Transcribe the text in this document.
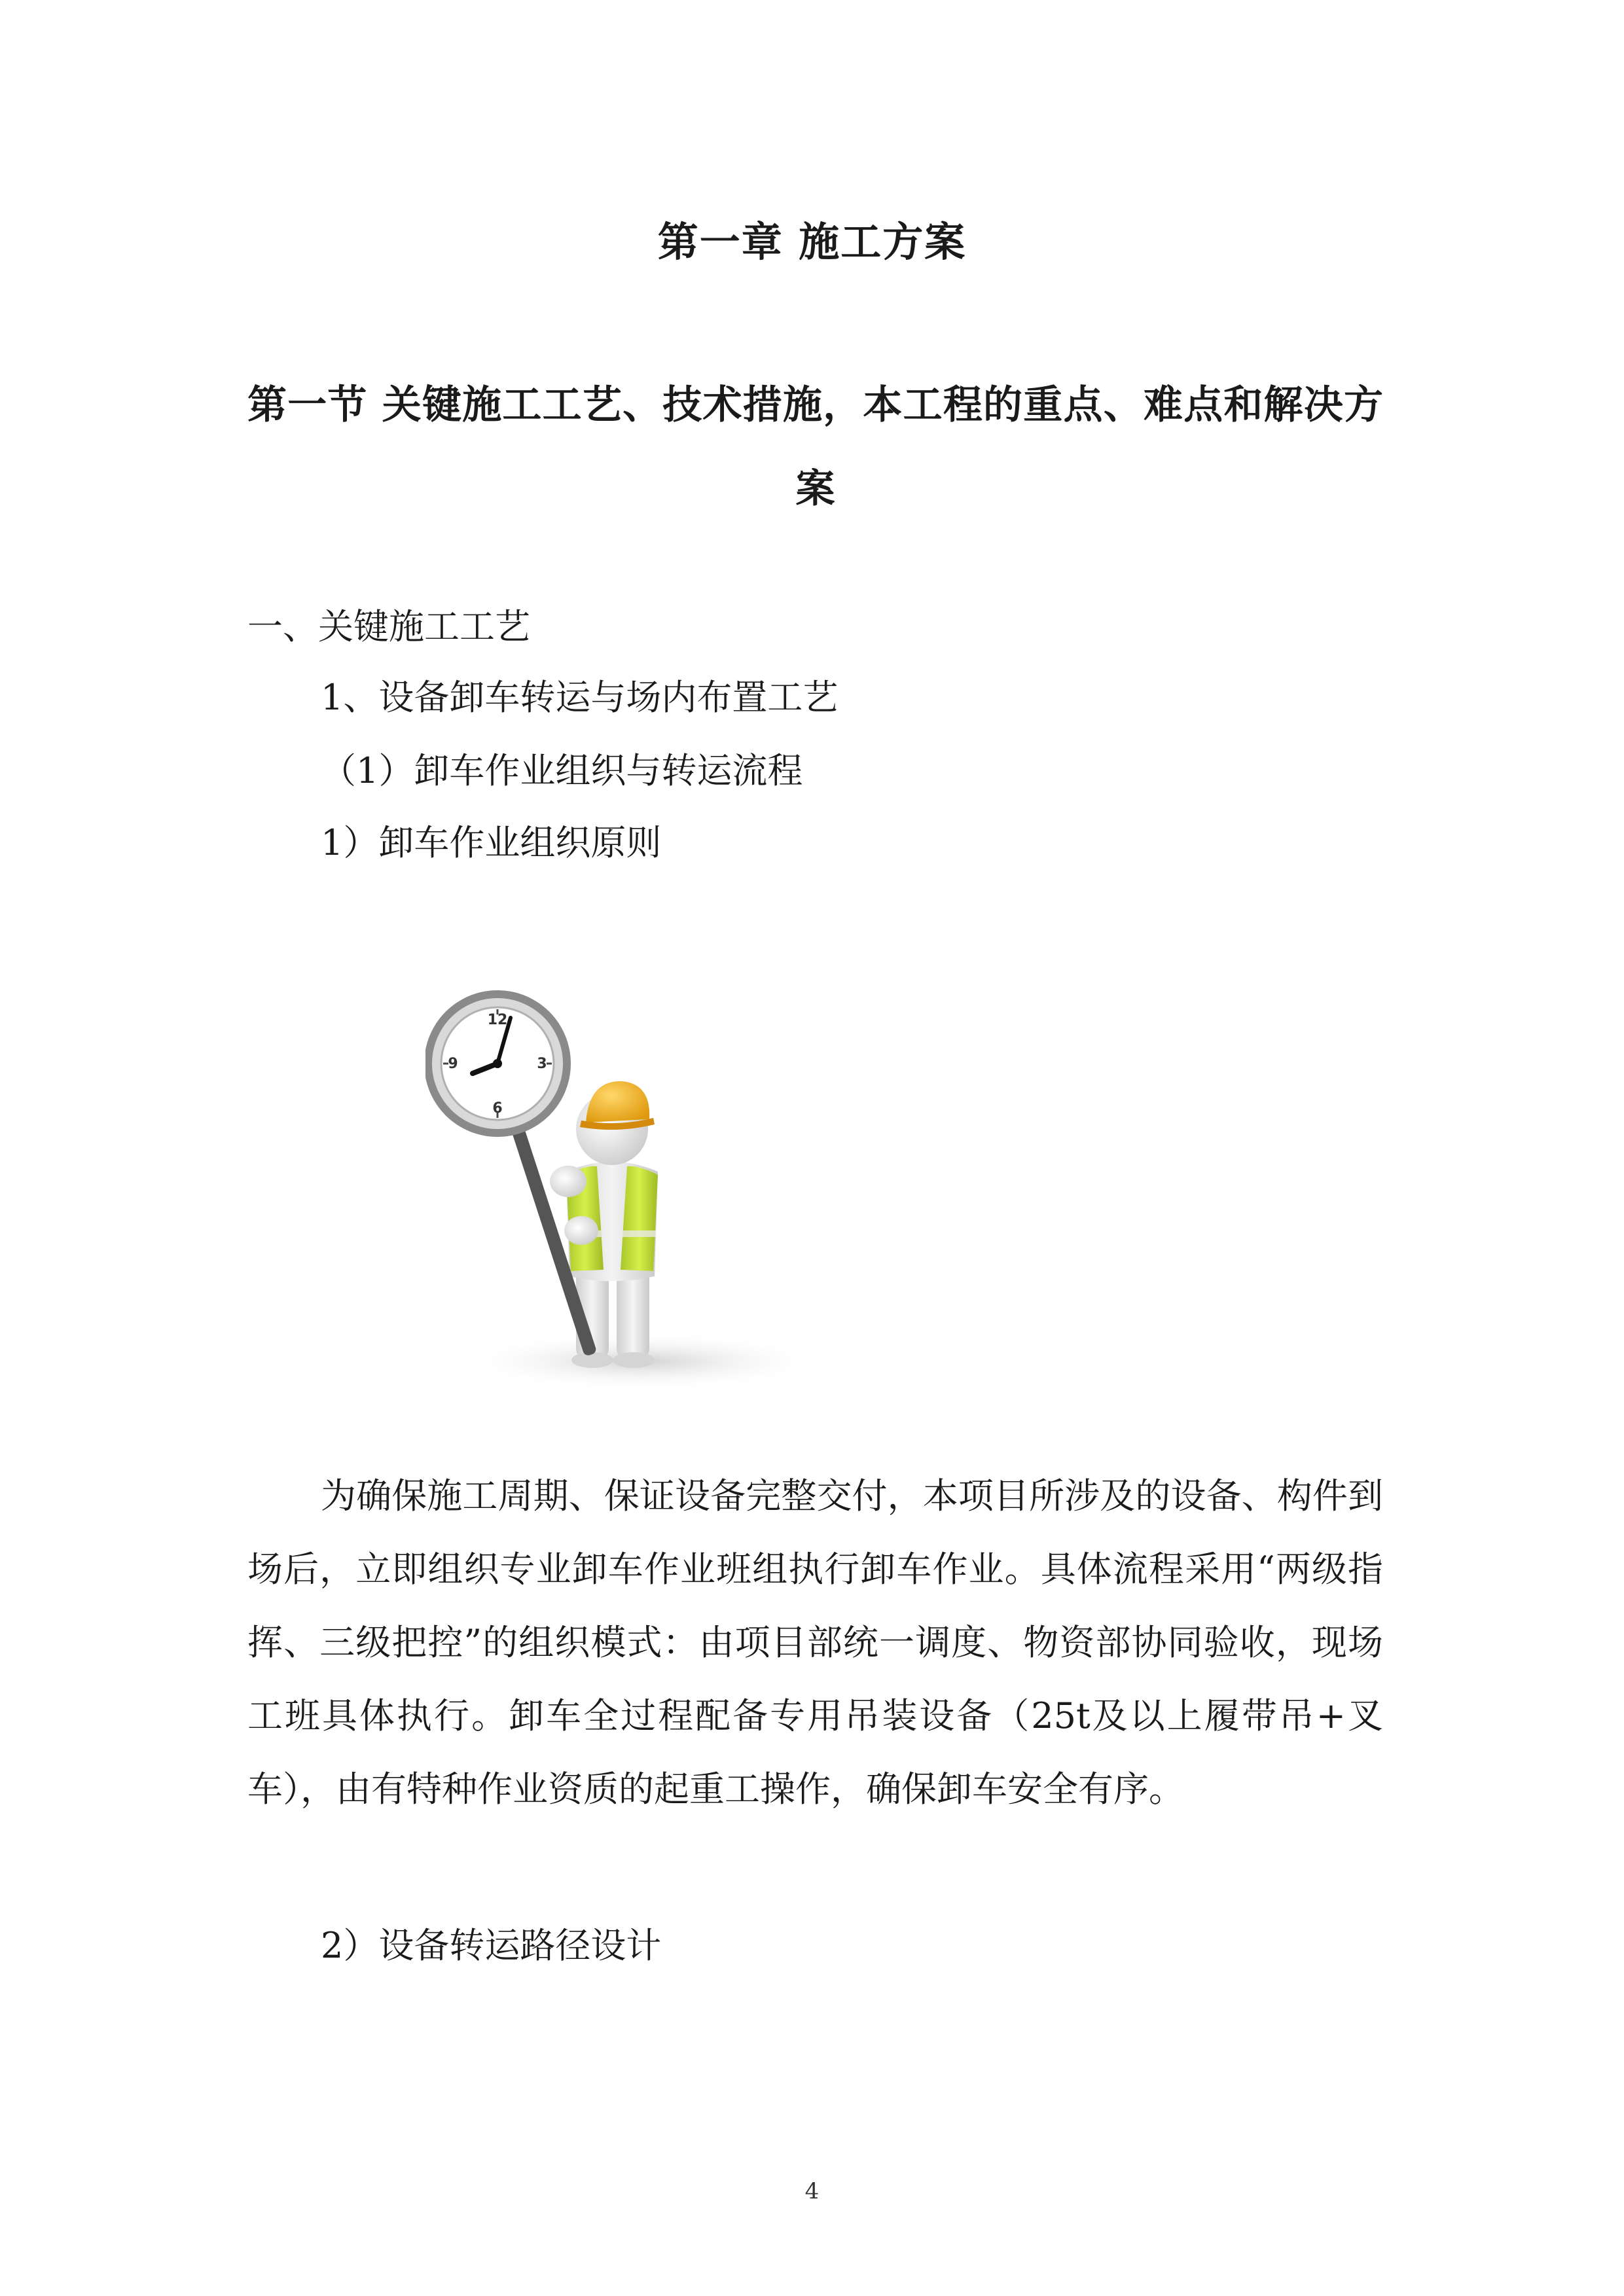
第一章 施工方案
第一节 关键施工工艺、技术措施，本工程的重点、难点和解决方案
一、关键施工工艺
1、设备卸车转运与场内布置工艺
（1）卸车作业组织与转运流程
1）卸车作业组织原则
12
3
6
9

为确保施工周期、保证设备完整交付，本项目所涉及的设备、构件到场后，立即组织专业卸车作业班组执行卸车作业。具体流程采用“两级指挥、三级把控”的组织模式：由项目部统一调度、物资部协同验收，现场工班具体执行。卸车全过程配备专用吊装设备（25t及以上履带吊+叉车），由有特种作业资质的起重工操作，确保卸车安全有序。

2）设备转运路径设计
4
